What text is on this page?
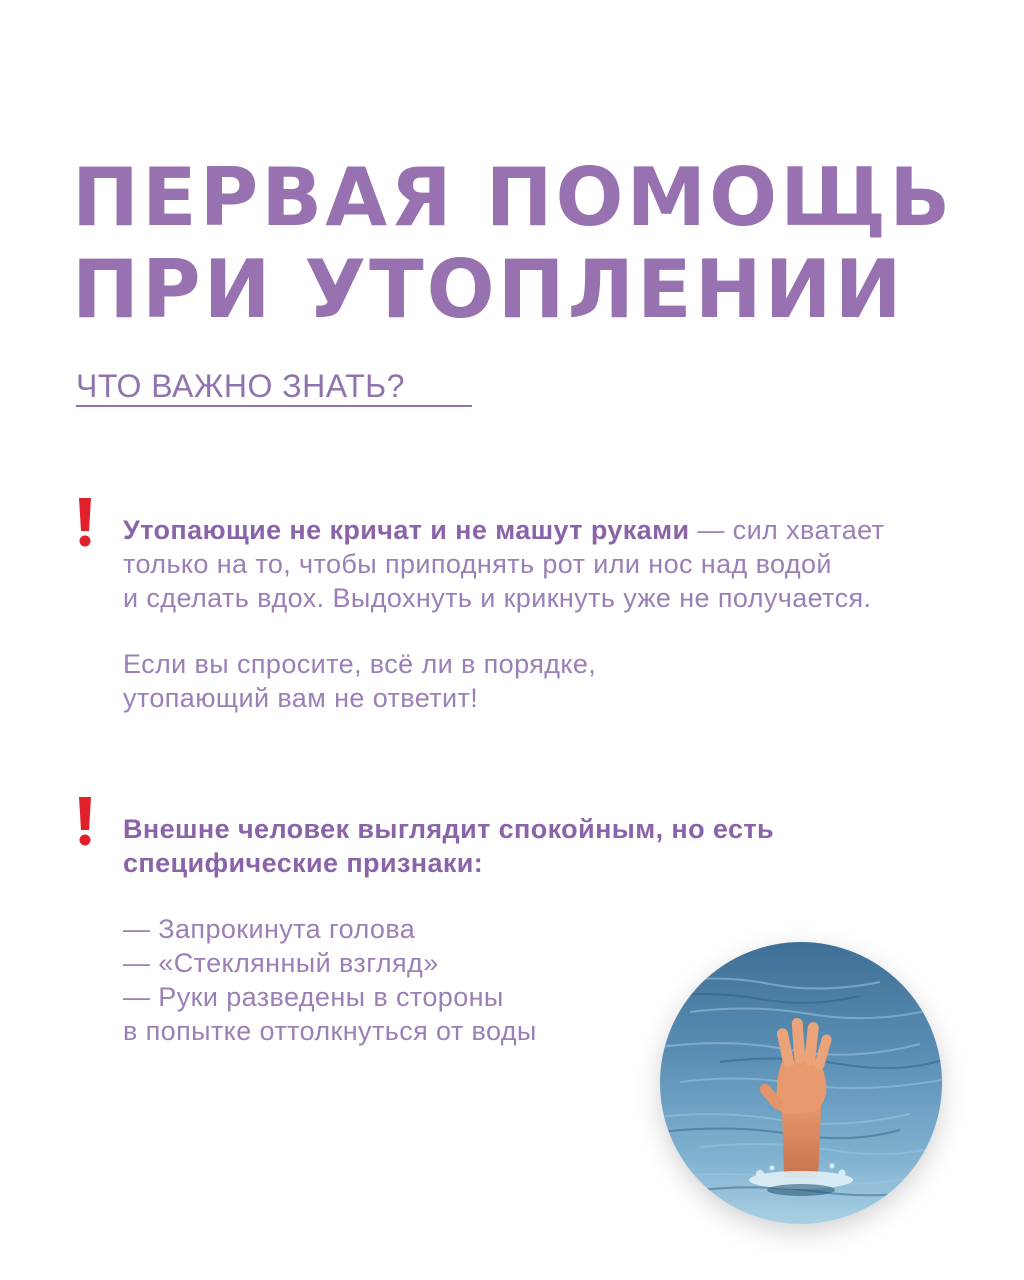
ПЕРВАЯ ПОМОЩЬ
ПРИ УТОПЛЕНИИ
ЧТО ВАЖНО ЗНАТЬ?
Утопающие не кричат и не машут руками — сил хватает
только на то, чтобы приподнять рот или нос над водой
и сделать вдох. Выдохнуть и крикнуть уже не получается.
Если вы спросите, всё ли в порядке,
утопающий вам не ответит!
Внешне человек выглядит спокойным, но есть
специфические признаки:
— Запрокинута голова
— «Стеклянный взгляд»
— Руки разведены в стороны
в попытке оттолкнуться от воды
